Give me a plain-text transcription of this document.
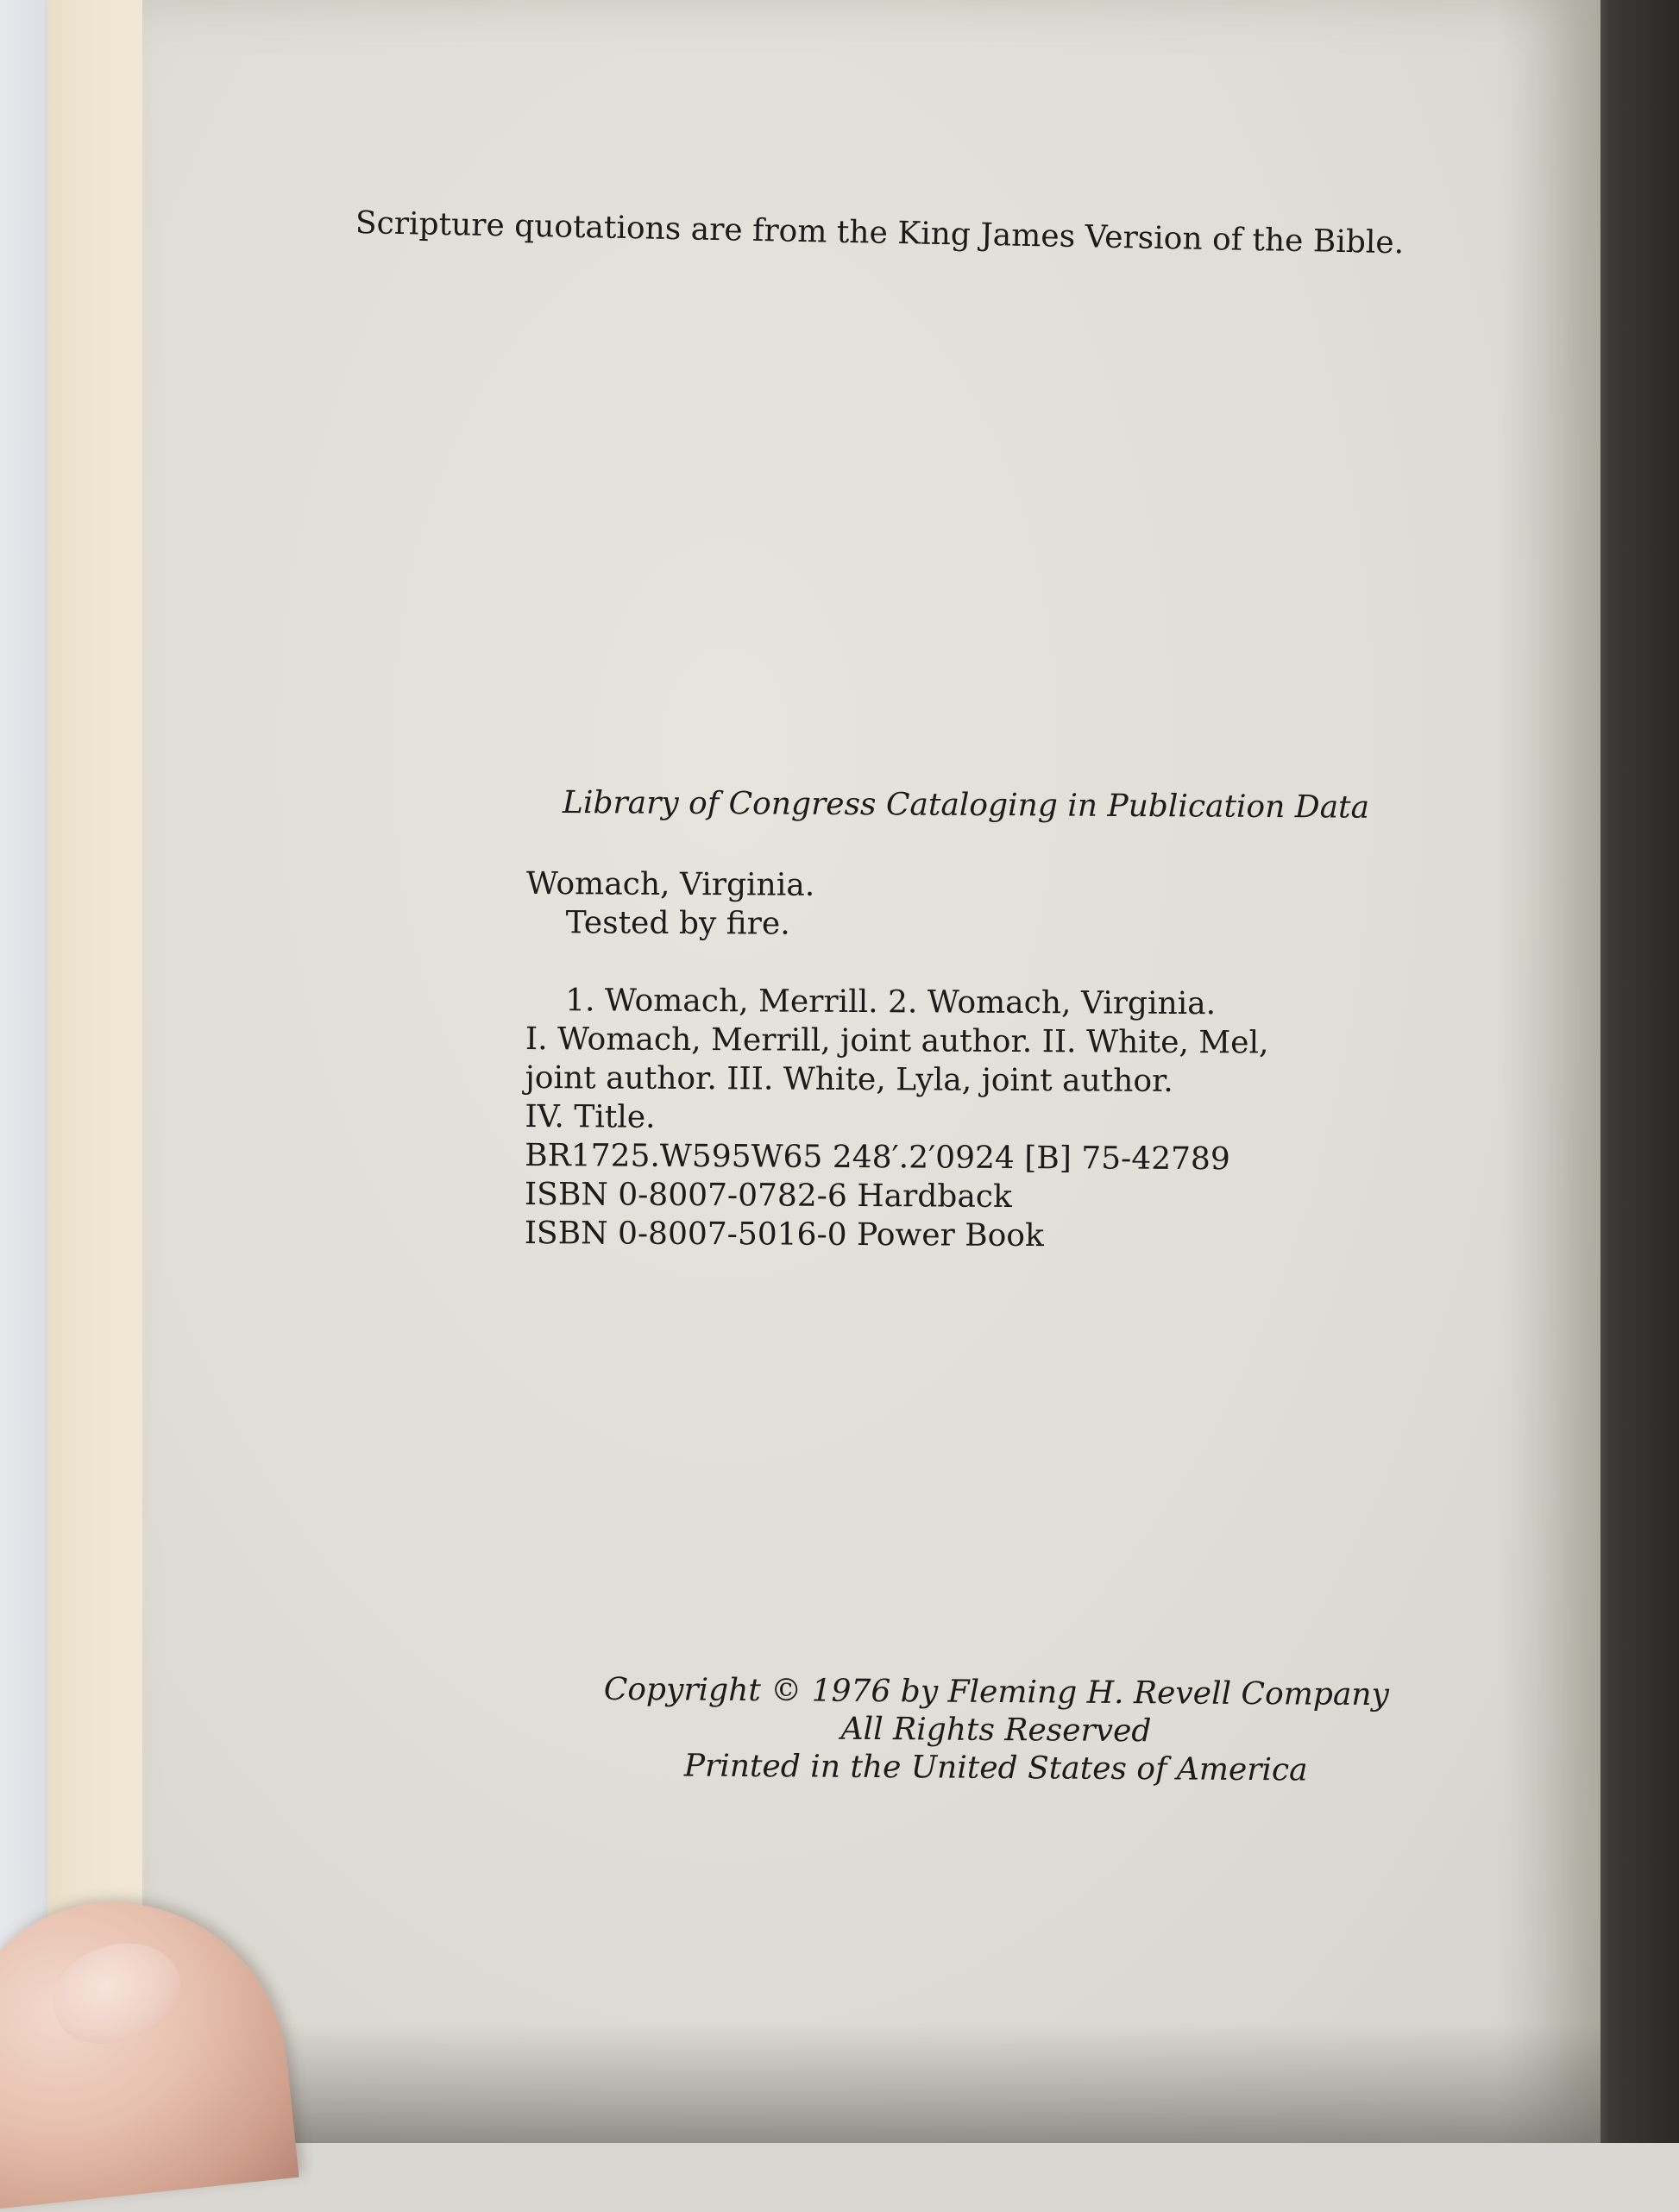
Scripture quotations are from the King James Version of the Bible.

Library of Congress Cataloging in Publication Data

Womach, Virginia.
Tested by fire.
1. Womach, Merrill. 2. Womach, Virginia.
I. Womach, Merrill, joint author. II. White, Mel,
joint author. III. White, Lyla, joint author.
IV. Title.
BR1725.W595W65 248′.2′0924 [B] 75-42789
ISBN 0-8007-0782-6 Hardback
ISBN 0-8007-5016-0 Power Book
Copyright © 1976 by Fleming H. Revell Company
All Rights Reserved
Printed in the United States of America
